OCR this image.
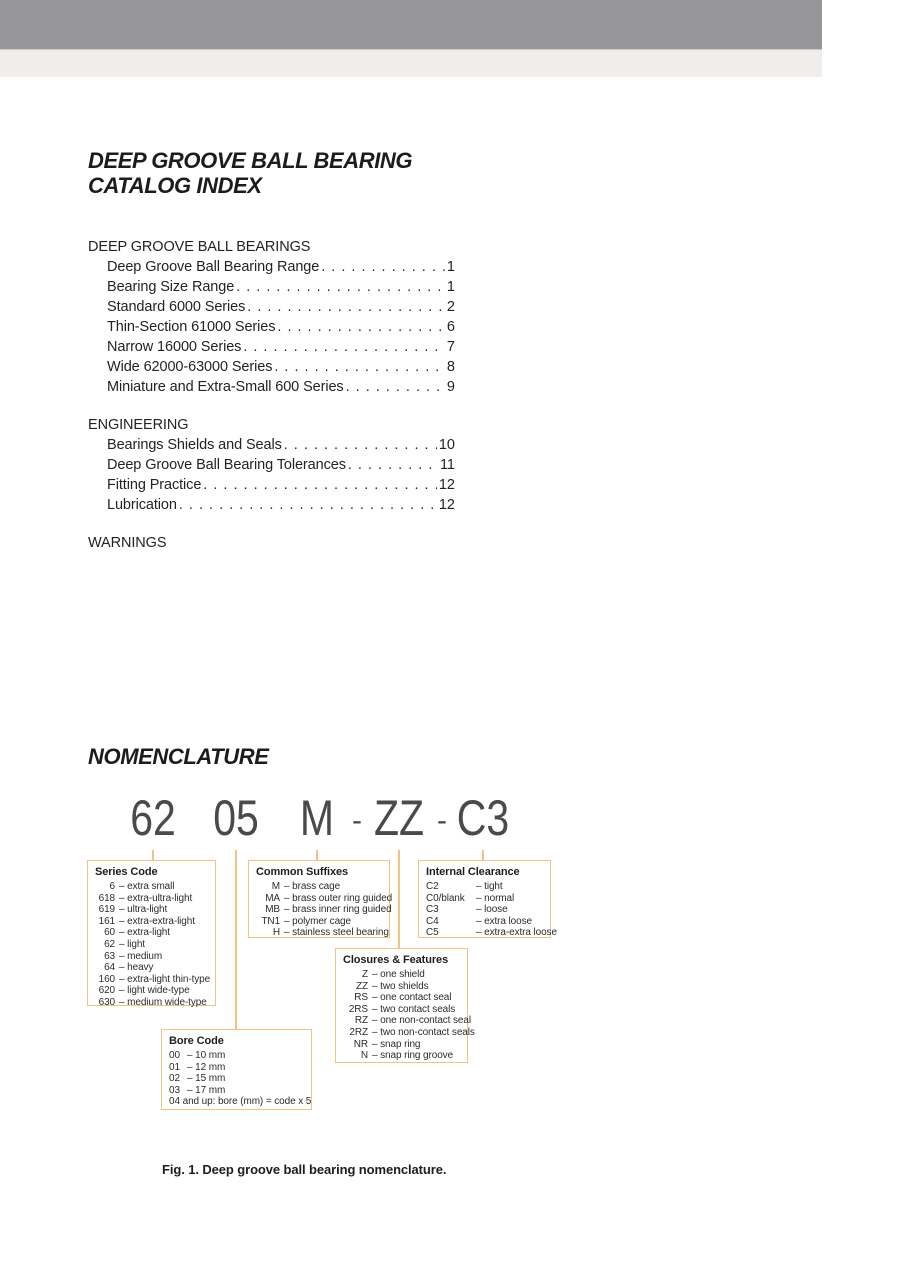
DEEP GROOVE BALL BEARING
CATALOG INDEX
DEEP GROOVE BALL BEARINGS
Deep Groove Ball Bearing Range . . .	1
Bearing Size Range . . .	1
Standard 6000 Series . . .	2
Thin-Section 61000 Series . . .	6
Narrow 16000 Series . . .	7
Wide 62000-63000 Series . . .	8
Miniature and Extra-Small 600 Series . . .	9
ENGINEERING
Bearings Shields and Seals . . .	10
Deep Groove Ball Bearing Tolerances . . .	11
Fitting Practice . . .	12
Lubrication . . .	12
WARNINGS
NOMENCLATURE
62 05 M - ZZ - C3
Series Code
6 – extra small
618 – extra-ultra-light
619 – ultra-light
161 – extra-extra-light
60 – extra-light
62 – light
63 – medium
64 – heavy
160 – extra-light thin-type
620 – light wide-type
630 – medium wide-type
Common Suffixes
M – brass cage
MA – brass outer ring guided
MB – brass inner ring guided
TN1 – polymer cage
H – stainless steel bearing
Internal Clearance
C2	– tight
C0/blank	– normal
C3	– loose
C4	– extra loose
C5	– extra-extra loose
Closures & Features
Z – one shield
ZZ – two shields
RS – one contact seal
2RS – two contact seals
RZ – one non-contact seal
2RZ – two non-contact seals
NR – snap ring
N – snap ring groove
Bore Code
00 – 10 mm
01 – 12 mm
02 – 15 mm
03 – 17 mm
04 and up: bore (mm) = code x 5
Fig. 1. Deep groove ball bearing nomenclature.
